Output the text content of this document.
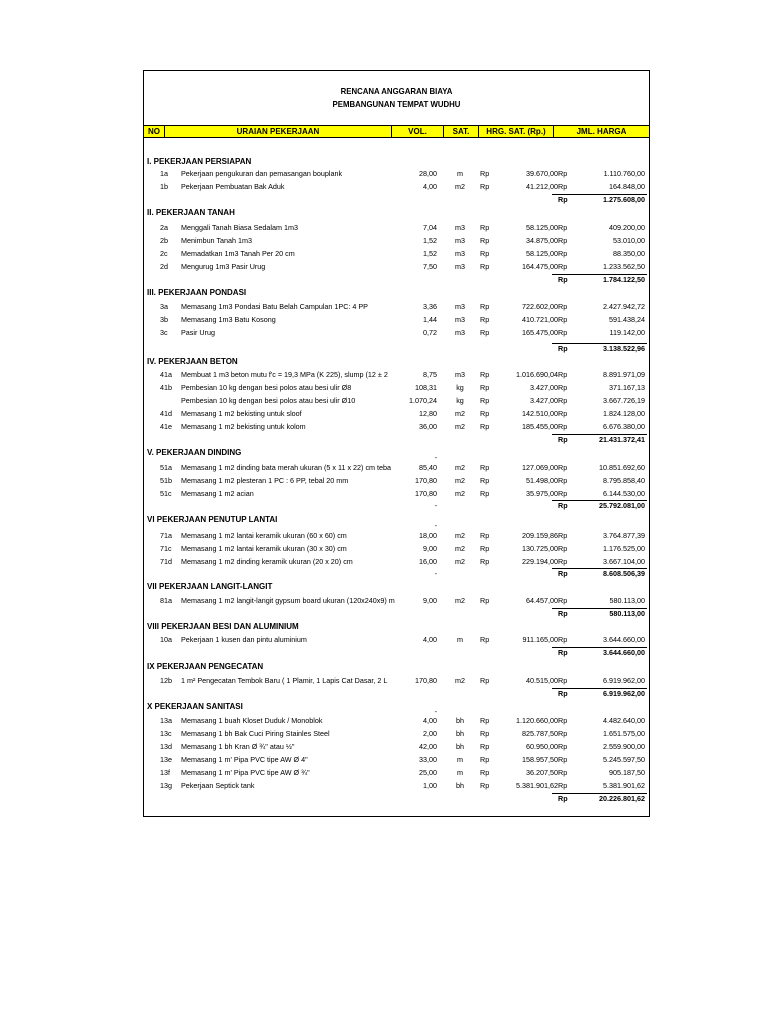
RENCANA ANGGARAN BIAYA
PEMBANGUNAN TEMPAT WUDHU
NO	URAIAN PEKERJAAN	VOL.	SAT.	HRG. SAT. (Rp.)	JML. HARGA
I. PEKERJAAN PERSIAPAN
1a Pekerjaan pengukuran dan pemasangan bouplank	28,00	m	Rp	39.670,00 Rp	1.110.760,00
1b Pekerjaan Pembuatan Bak Aduk	4,00	m2	Rp	41.212,00 Rp	164.848,00
Rp	1.275.608,00
II. PEKERJAAN TANAH
2a Menggali Tanah Biasa Sedalam 1m3	7,04	m3	Rp	58.125,00 Rp	409.200,00
2b Menimbun Tanah 1m3	1,52	m3	Rp	34.875,00 Rp	53.010,00
2c Memadatkan 1m3 Tanah Per 20 cm	1,52	m3	Rp	58.125,00 Rp	88.350,00
2d Mengurug 1m3 Pasir Urug	7,50	m3	Rp	164.475,00 Rp	1.233.562,50
Rp	1.784.122,50
III. PEKERJAAN PONDASI
3a Memasang 1m3 Pondasi Batu Belah Campulan 1PC: 4 PP	3,36	m3	Rp	722.602,00 Rp	2.427.942,72
3b Memasang 1m3 Batu Kosong	1,44	m3	Rp	410.721,00 Rp	591.438,24
3c Pasir Urug	0,72	m3	Rp	165.475,00 Rp	119.142,00
Rp	3.138.522,96
IV. PEKERJAAN BETON
41a Membuat 1 m3 beton mutu f'c = 19,3 MPa (K 225), slump (12 ± 2	8,75	m3	Rp	1.016.690,04 Rp	8.891.971,09
41b Pembesian 10 kg dengan besi polos atau besi ulir Ø8	108,31	kg	Rp	3.427,00 Rp	371.167,13
Pembesian 10 kg dengan besi polos atau besi ulir Ø10	1.070,24	kg	Rp	3.427,00 Rp	3.667.726,19
41d Memasang 1 m2 bekisting untuk sloof	12,80	m2	Rp	142.510,00 Rp	1.824.128,00
41e Memasang 1 m2 bekisting untuk kolom	36,00	m2	Rp	185.455,00 Rp	6.676.380,00
Rp	21.431.372,41
V. PEKERJAAN DINDING
-
51a Memasang 1 m2 dinding bata merah ukuran (5 x 11 x 22) cm teba	85,40	m2	Rp	127.069,00 Rp	10.851.692,60
51b Memasang 1 m2 plesteran 1 PC : 6 PP, tebal 20 mm	170,80	m2	Rp	51.498,00 Rp	8.795.858,40
51c Memasang 1 m2 acian	170,80	m2	Rp	35.975,00 Rp	6.144.530,00
-	Rp	25.792.081,00
VI PEKERJAAN PENUTUP LANTAI
-
71a Memasang 1 m2 lantai keramik ukuran (60 x 60) cm	18,00	m2	Rp	209.159,86 Rp	3.764.877,39
71c Memasang 1 m2 lantai keramik ukuran (30 x 30) cm	9,00	m2	Rp	130.725,00 Rp	1.176.525,00
71d Memasang 1 m2 dinding keramik ukuran (20 x 20) cm	16,00	m2	Rp	229.194,00 Rp	3.667.104,00
-	Rp	8.608.506,39
VII PEKERJAAN LANGIT-LANGIT
81a Memasang 1 m2 langit-langit gypsum board ukuran (120x240x9) m	9,00	m2	Rp	64.457,00 Rp	580.113,00
Rp	580.113,00
VIII PEKERJAAN BESI DAN ALUMINIUM
10a Pekerjaan 1 kusen dan pintu aluminium	4,00	m	Rp	911.165,00 Rp	3.644.660,00
Rp	3.644.660,00
IX PEKERJAAN PENGECATAN
12b 1 m² Pengecatan Tembok Baru ( 1 Plamir, 1 Lapis Cat Dasar, 2 L	170,80	m2	Rp	40.515,00 Rp	6.919.962,00
Rp	6.919.962,00
X PEKERJAAN SANITASI
-
13a Memasang 1 buah Kloset Duduk / Monoblok	4,00	bh	Rp	1.120.660,00 Rp	4.482.640,00
13c Memasang 1 bh Bak Cuci Piring Stainles Steel	2,00	bh	Rp	825.787,50 Rp	1.651.575,00
13d Memasang 1 bh Kran Ø ¾" atau ½"	42,00	bh	Rp	60.950,00 Rp	2.559.900,00
13e Memasang 1 m' Pipa PVC tipe AW Ø 4"	33,00	m	Rp	158.957,50 Rp	5.245.597,50
13f Memasang 1 m' Pipa PVC tipe AW Ø ¾"	25,00	m	Rp	36.207,50 Rp	905.187,50
13g Pekerjaan Septick tank	1,00	bh	Rp	5.381.901,62 Rp	5.381.901,62
Rp	20.226.801,62
